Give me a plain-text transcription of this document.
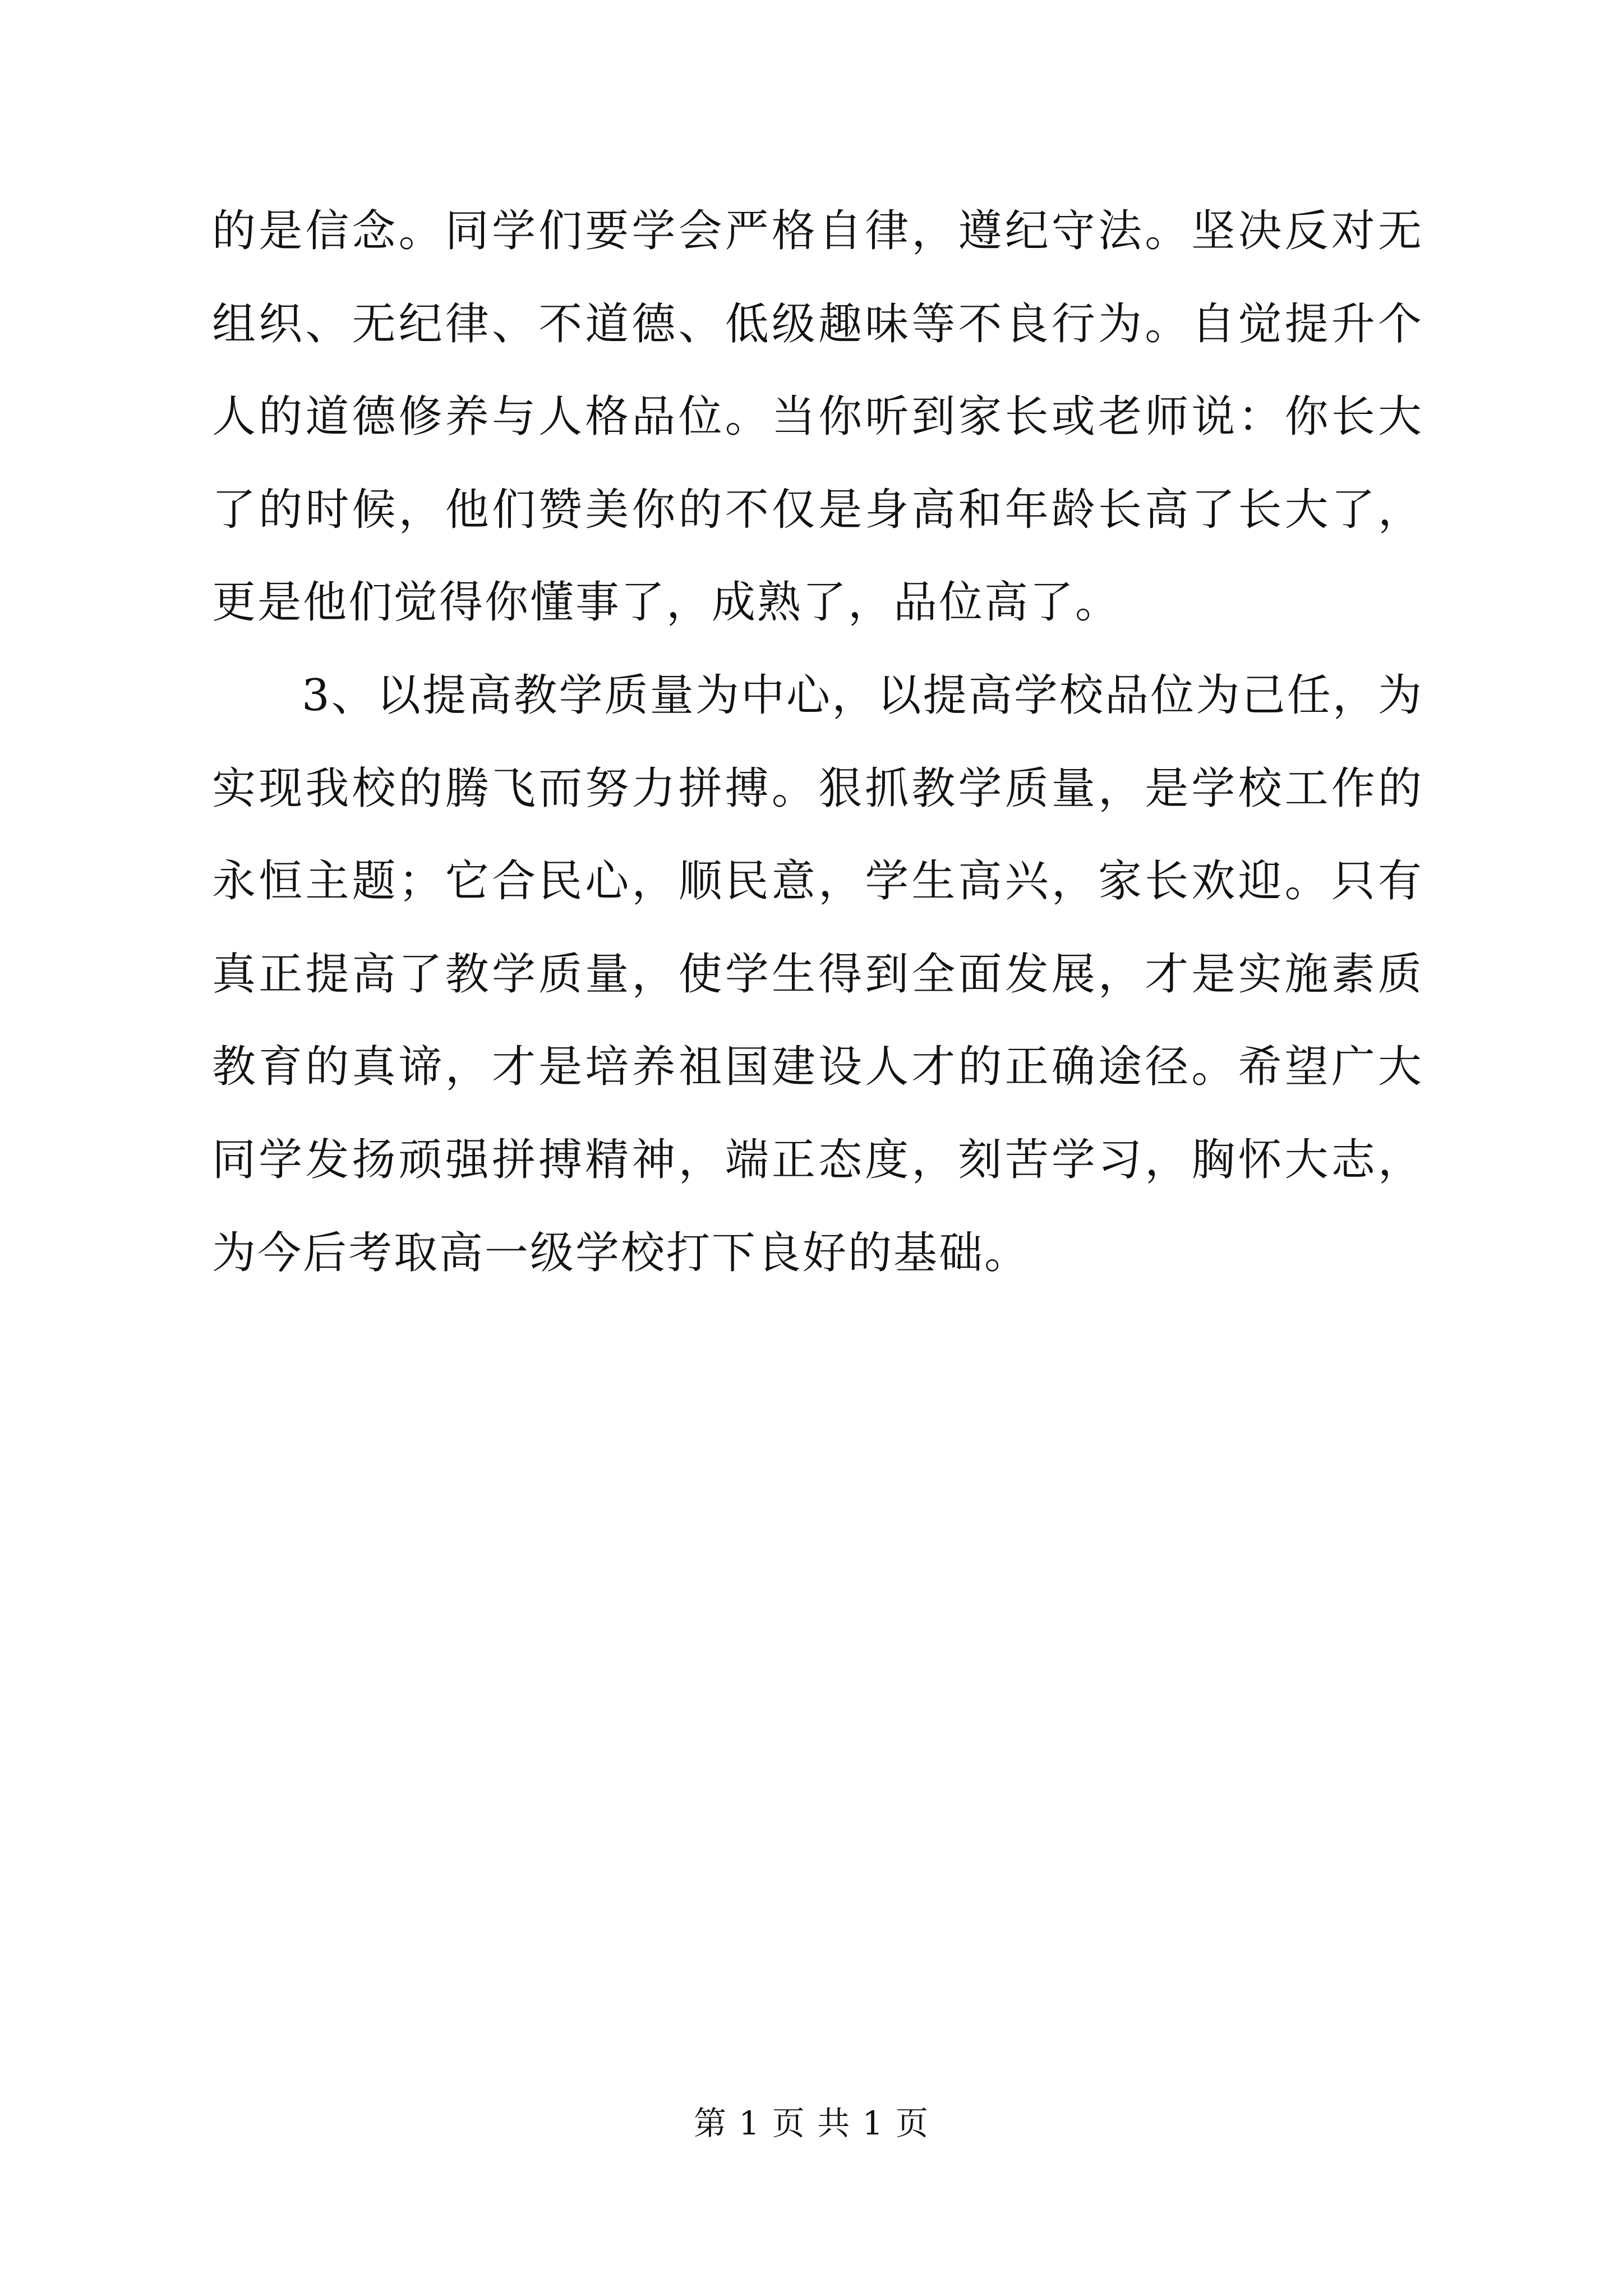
的是信念。同学们要学会严格自律，遵纪守法。坚决反对无组织、无纪律、不道德、低级趣味等不良行为。自觉提升个人的道德修养与人格品位。当你听到家长或老师说：你长大了的时候，他们赞美你的不仅是身高和年龄长高了长大了，更是他们觉得你懂事了，成熟了，品位高了。

3、以提高教学质量为中心，以提高学校品位为己任，为实现我校的腾飞而努力拼搏。狠抓教学质量，是学校工作的永恒主题；它合民心，顺民意，学生高兴，家长欢迎。只有真正提高了教学质量，使学生得到全面发展，才是实施素质教育的真谛，才是培养祖国建设人才的正确途径。希望广大同学发扬顽强拼搏精神，端正态度，刻苦学习，胸怀大志，为今后考取高一级学校打下良好的基础。

第 1 页 共 1 页
